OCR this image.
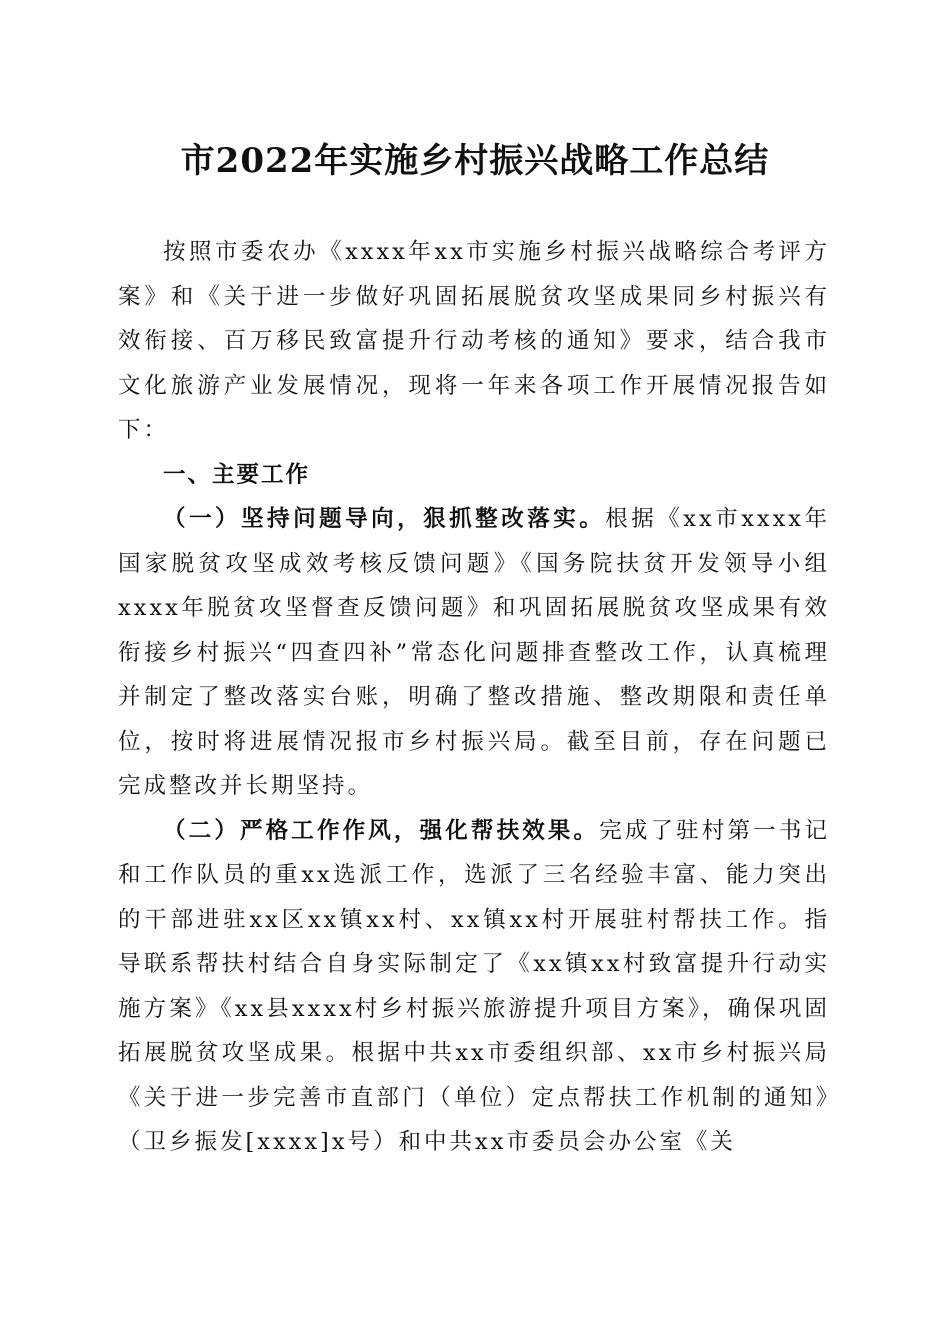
市2022年实施乡村振兴战略工作总结

按照市委农办《xxxx年xx市实施乡村振兴战略综合考评方案》和《关于进一步做好巩固拓展脱贫攻坚成果同乡村振兴有效衔接、百万移民致富提升行动考核的通知》要求，结合我市文化旅游产业发展情况，现将一年来各项工作开展情况报告如下：

一、主要工作

（一）坚持问题导向，狠抓整改落实。根据《xx市xxxx年国家脱贫攻坚成效考核反馈问题》《国务院扶贫开发领导小组xxxx年脱贫攻坚督查反馈问题》和巩固拓展脱贫攻坚成果有效衔接乡村振兴“四查四补”常态化问题排查整改工作，认真梳理并制定了整改落实台账，明确了整改措施、整改期限和责任单位，按时将进展情况报市乡村振兴局。截至目前，存在问题已完成整改并长期坚持。

（二）严格工作作风，强化帮扶效果。完成了驻村第一书记和工作队员的重xx选派工作，选派了三名经验丰富、能力突出的干部进驻xx区xx镇xx村、xx镇xx村开展驻村帮扶工作。指导联系帮扶村结合自身实际制定了《xx镇xx村致富提升行动实施方案》《xx县xxxx村乡村振兴旅游提升项目方案》，确保巩固拓展脱贫攻坚成果。根据中共xx市委组织部、xx市乡村振兴局《关于进一步完善市直部门（单位）定点帮扶工作机制的通知》（卫乡振发[xxxx]x号）和中共xx市委员会办公室《关
